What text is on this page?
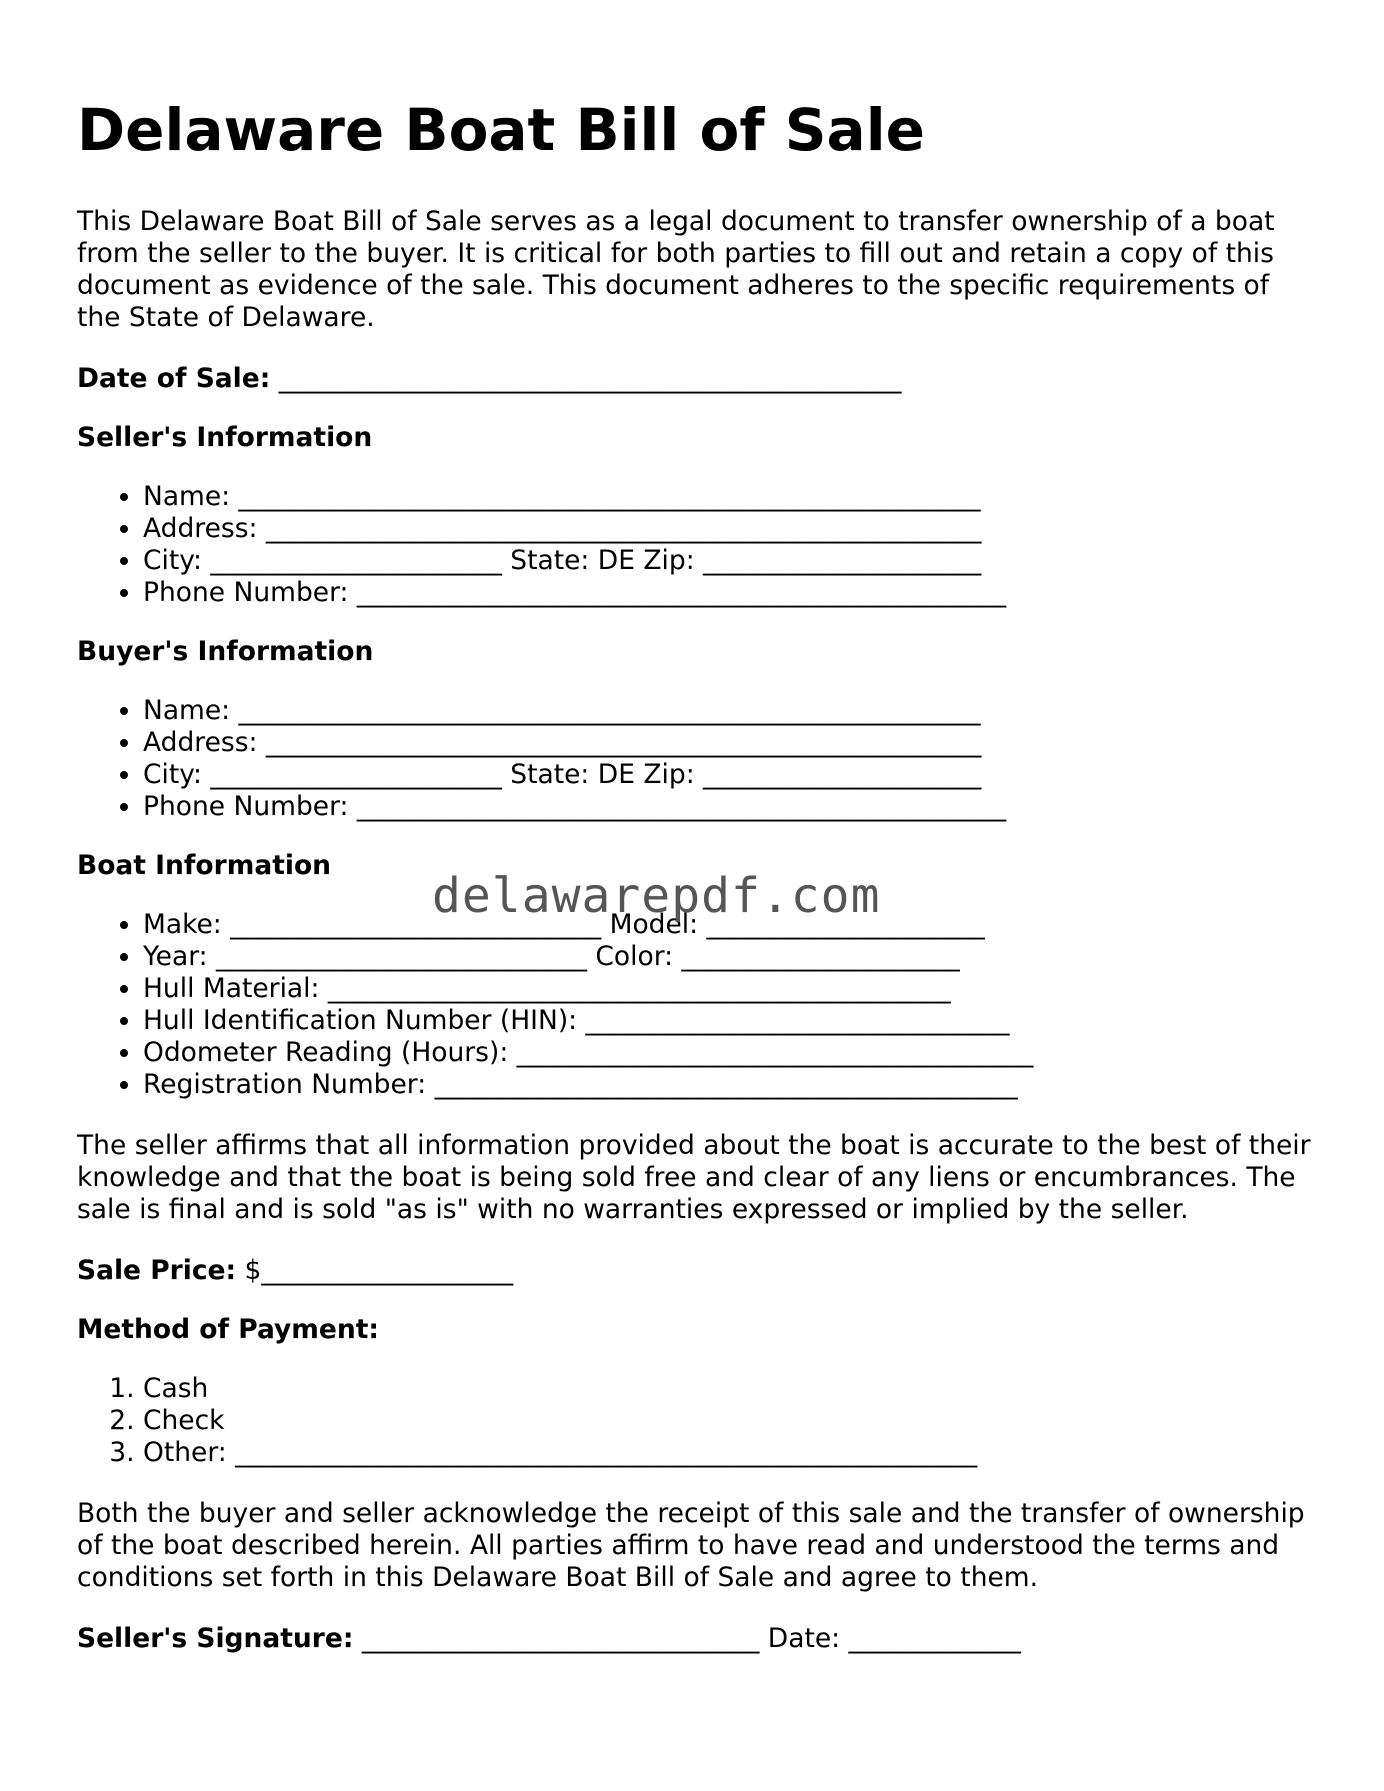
Delaware Boat Bill of Sale

This Delaware Boat Bill of Sale serves as a legal document to transfer ownership of a boat from the seller to the buyer. It is critical for both parties to fill out and retain a copy of this document as evidence of the sale. This document adheres to the specific requirements of the State of Delaware.

Date of Sale: _______________________________________________

Seller's Information

• Name: ________________________________________________________
• Address: ______________________________________________________
• City: ______________________ State: DE Zip: _____________________
• Phone Number: _________________________________________________

Buyer's Information

• Name: ________________________________________________________
• Address: ______________________________________________________
• City: ______________________ State: DE Zip: _____________________
• Phone Number: _________________________________________________

Boat Information

• Make: ____________________________ Model: _____________________
• Year: ____________________________ Color: _____________________
• Hull Material: _______________________________________________
• Hull Identification Number (HIN): ________________________________
• Odometer Reading (Hours): _______________________________________
• Registration Number: ____________________________________________

The seller affirms that all information provided about the boat is accurate to the best of their knowledge and that the boat is being sold free and clear of any liens or encumbrances. The sale is final and is sold "as is" with no warranties expressed or implied by the seller.

Sale Price: $___________________

Method of Payment:

1. Cash
2. Check
3. Other: ________________________________________________________

Both the buyer and seller acknowledge the receipt of this sale and the transfer of ownership of the boat described herein. All parties affirm to have read and understood the terms and conditions set forth in this Delaware Boat Bill of Sale and agree to them.

Seller's Signature: ______________________________ Date: _____________

delawarepdf.com
